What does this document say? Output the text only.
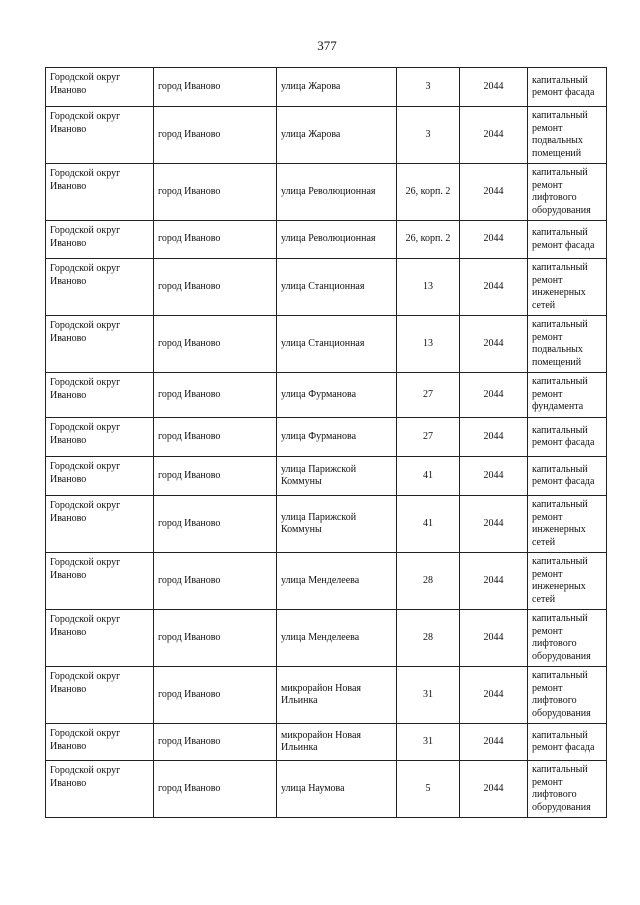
377
Городской округ Иваново	город Иваново	улица Жарова	3	2044	капитальный ремонт фасада
Городской округ Иваново	город Иваново	улица Жарова	3	2044	капитальный ремонт подвальных помещений
Городской округ Иваново	город Иваново	улица Революционная	26, корп. 2	2044	капитальный ремонт лифтового оборудования
Городской округ Иваново	город Иваново	улица Революционная	26, корп. 2	2044	капитальный ремонт фасада
Городской округ Иваново	город Иваново	улица Станционная	13	2044	капитальный ремонт инженерных сетей
Городской округ Иваново	город Иваново	улица Станционная	13	2044	капитальный ремонт подвальных помещений
Городской округ Иваново	город Иваново	улица Фурманова	27	2044	капитальный ремонт фундамента
Городской округ Иваново	город Иваново	улица Фурманова	27	2044	капитальный ремонт фасада
Городской округ Иваново	город Иваново	улица Парижской Коммуны	41	2044	капитальный ремонт фасада
Городской округ Иваново	город Иваново	улица Парижской Коммуны	41	2044	капитальный ремонт инженерных сетей
Городской округ Иваново	город Иваново	улица Менделеева	28	2044	капитальный ремонт инженерных сетей
Городской округ Иваново	город Иваново	улица Менделеева	28	2044	капитальный ремонт лифтового оборудования
Городской округ Иваново	город Иваново	микрорайон Новая Ильинка	31	2044	капитальный ремонт лифтового оборудования
Городской округ Иваново	город Иваново	микрорайон Новая Ильинка	31	2044	капитальный ремонт фасада
Городской округ Иваново	город Иваново	улица Наумова	5	2044	капитальный ремонт лифтового оборудования
